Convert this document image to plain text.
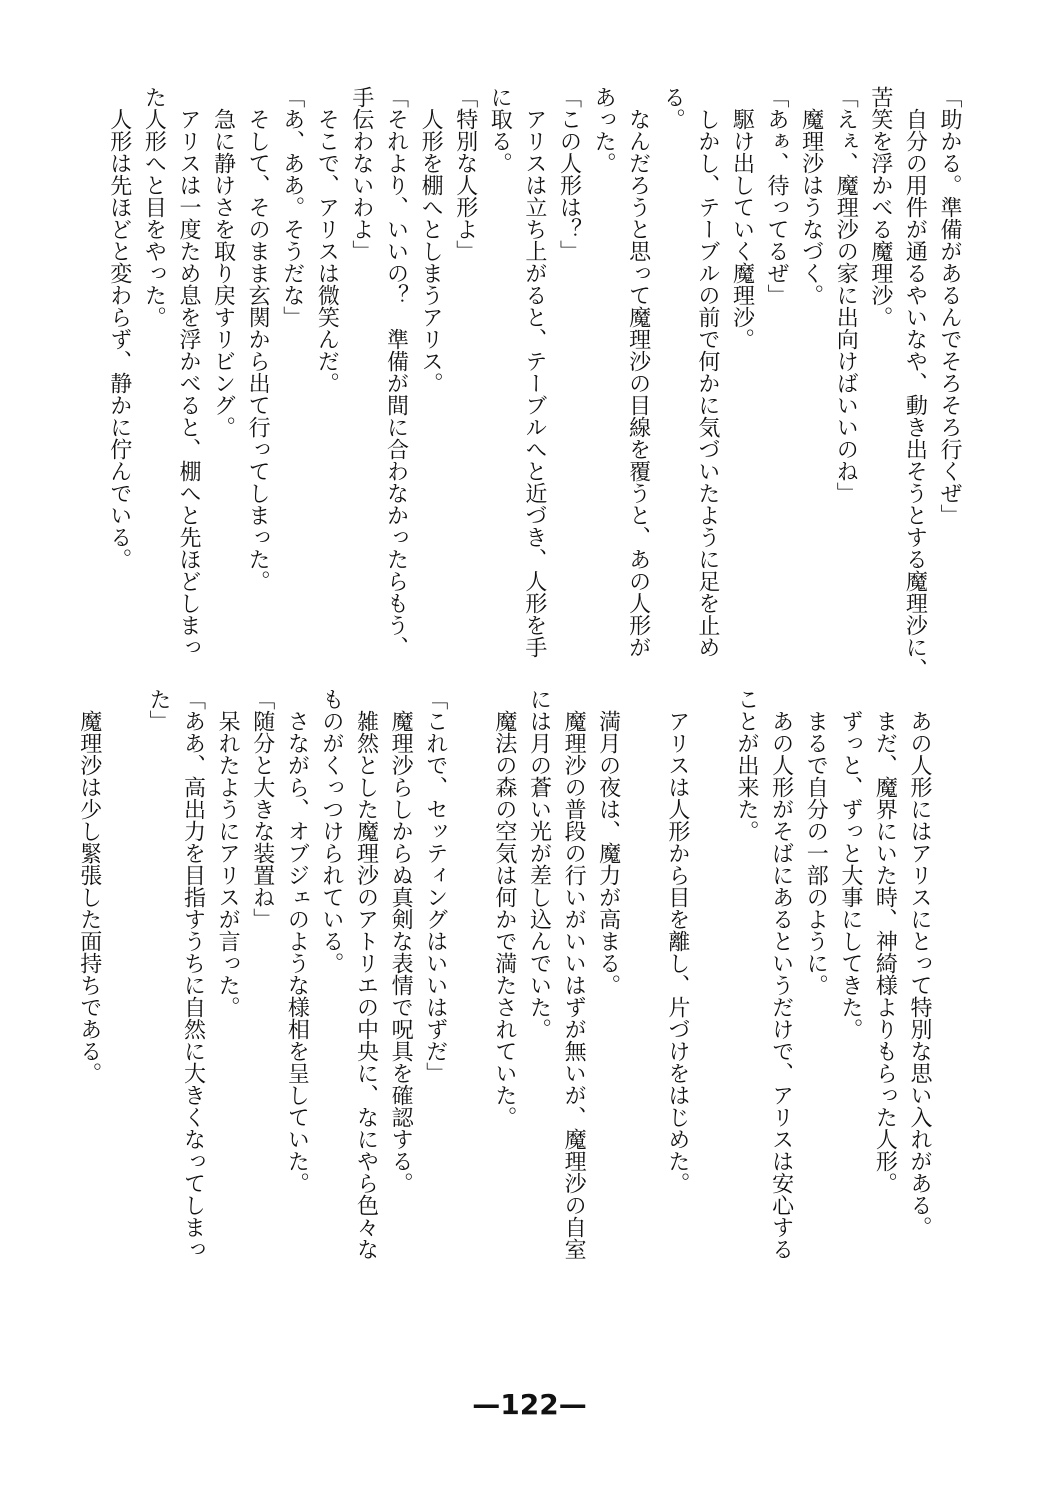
「助かる。準備があるんでそろそろ行くぜ」
　自分の用件が通るやいなや、動き出そうとする魔理沙に、
苦笑を浮かべる魔理沙。
「えぇ、魔理沙の家に出向けばいいのね」
　魔理沙はうなづく。
「あぁ、待ってるぜ」
　駆け出していく魔理沙。
　しかし、テーブルの前で何かに気づいたように足を止め
る。
　なんだろうと思って魔理沙の目線を覆うと、あの人形が
あった。
「この人形は？」
　アリスは立ち上がると、テーブルへと近づき、人形を手
に取る。
「特別な人形よ」
　人形を棚へとしまうアリス。
「それより、いいの？　準備が間に合わなかったらもう、
手伝わないわよ」
　そこで、アリスは微笑んだ。
「あ、ああ。そうだな」
　そして、そのまま玄関から出て行ってしまった。
　急に静けさを取り戻すリビング。
　アリスは一度ため息を浮かべると、棚へと先ほどしまっ
た人形へと目をやった。
　人形は先ほどと変わらず、静かに佇んでいる。
　あの人形にはアリスにとって特別な思い入れがある。
　まだ、魔界にいた時、神綺様よりもらった人形。
　ずっと、ずっと大事にしてきた。
　まるで自分の一部のように。
　あの人形がそばにあるというだけで、アリスは安心する
ことが出来た。

　アリスは人形から目を離し、片づけをはじめた。

　満月の夜は、魔力が高まる。
　魔理沙の普段の行いがいいはずが無いが、魔理沙の自室
には月の蒼い光が差し込んでいた。
　魔法の森の空気は何かで満たされていた。

「これで、セッティングはいいはずだ」
　魔理沙らしからぬ真剣な表情で呪具を確認する。
　雑然とした魔理沙のアトリエの中央に、なにやら色々な
ものがくっつけられている。
　さながら、オブジェのような様相を呈していた。
「随分と大きな装置ね」
　呆れたようにアリスが言った。
「ああ、高出力を目指すうちに自然に大きくなってしまっ
た」

　魔理沙は少し緊張した面持ちである。
—122—
